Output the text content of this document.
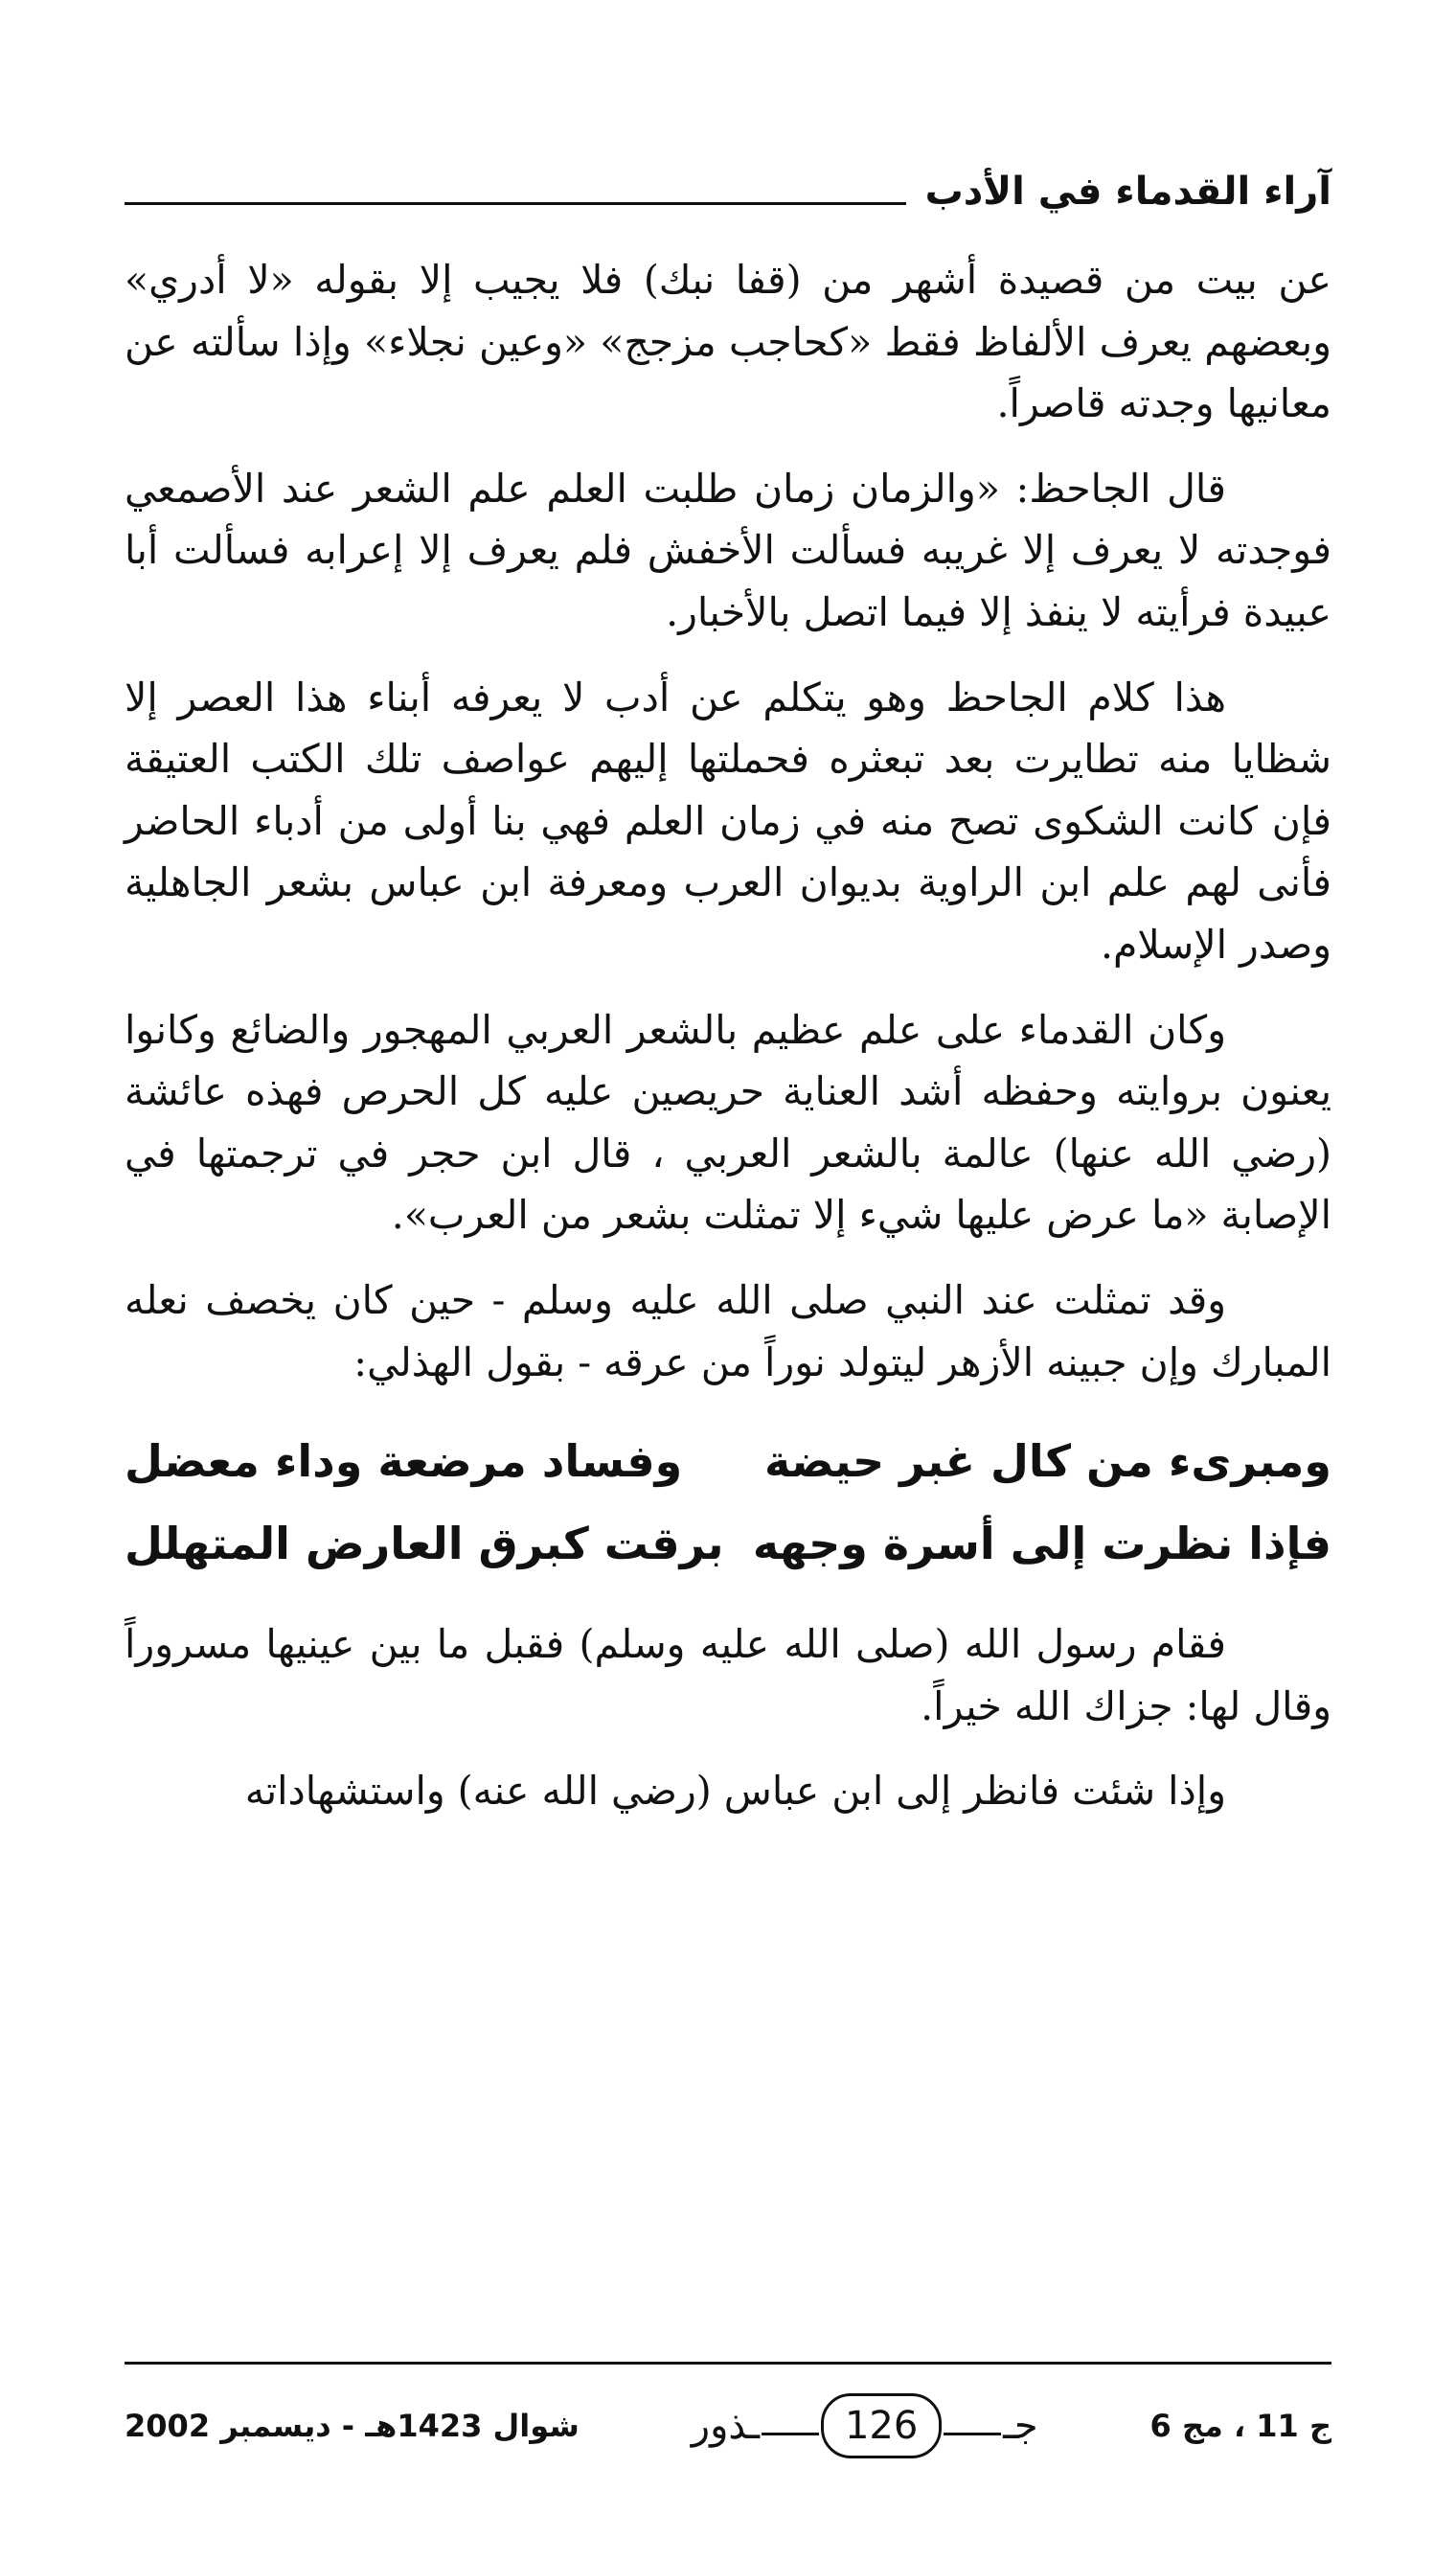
آراء القدماء في الأدب

عن بيت من قصيدة أشهر من (قفا نبك) فلا يجيب إلا بقوله «لا أدري» وبعضهم يعرف الألفاظ فقط «كحاجب مزجج» «وعين نجلاء» وإذا سألته عن معانيها وجدته قاصراً.

قال الجاحظ: «والزمان زمان طلبت العلم علم الشعر عند الأصمعي فوجدته لا يعرف إلا غريبه فسألت الأخفش فلم يعرف إلا إعرابه فسألت أبا عبيدة فرأيته لا ينفذ إلا فيما اتصل بالأخبار.

هذا كلام الجاحظ وهو يتكلم عن أدب لا يعرفه أبناء هذا العصر إلا شظايا منه تطايرت بعد تبعثره فحملتها إليهم عواصف تلك الكتب العتيقة فإن كانت الشكوى تصح منه في زمان العلم فهي بنا أولى من أدباء الحاضر فأنى لهم علم ابن الراوية بديوان العرب ومعرفة ابن عباس بشعر الجاهلية وصدر الإسلام.

وكان القدماء على علم عظيم بالشعر العربي المهجور والضائع وكانوا يعنون بروايته وحفظه أشد العناية حريصين عليه كل الحرص فهذه عائشة (رضي الله عنها) عالمة بالشعر العربي ، قال ابن حجر في ترجمتها في الإصابة «ما عرض عليها شيء إلا تمثلت بشعر من العرب».

وقد تمثلت عند النبي صلى الله عليه وسلم - حين كان يخصف نعله المبارك وإن جبينه الأزهر ليتولد نوراً من عرقه - بقول الهذلي:

ومبرىء من كال غبر حيضة
وفساد مرضعة وداء معضل
فإذا نظرت إلى أسرة وجهه
برقت كبرق العارض المتهلل

فقام رسول الله (صلى الله عليه وسلم) فقبل ما بين عينيها مسروراً وقال لها: جزاك الله خيراً.

وإذا شئت فانظر إلى ابن عباس (رضي الله عنه) واستشهاداته

ج 11 ، مج 6
جـ
126
ـذور
شوال 1423هـ - ديسمبر 2002
